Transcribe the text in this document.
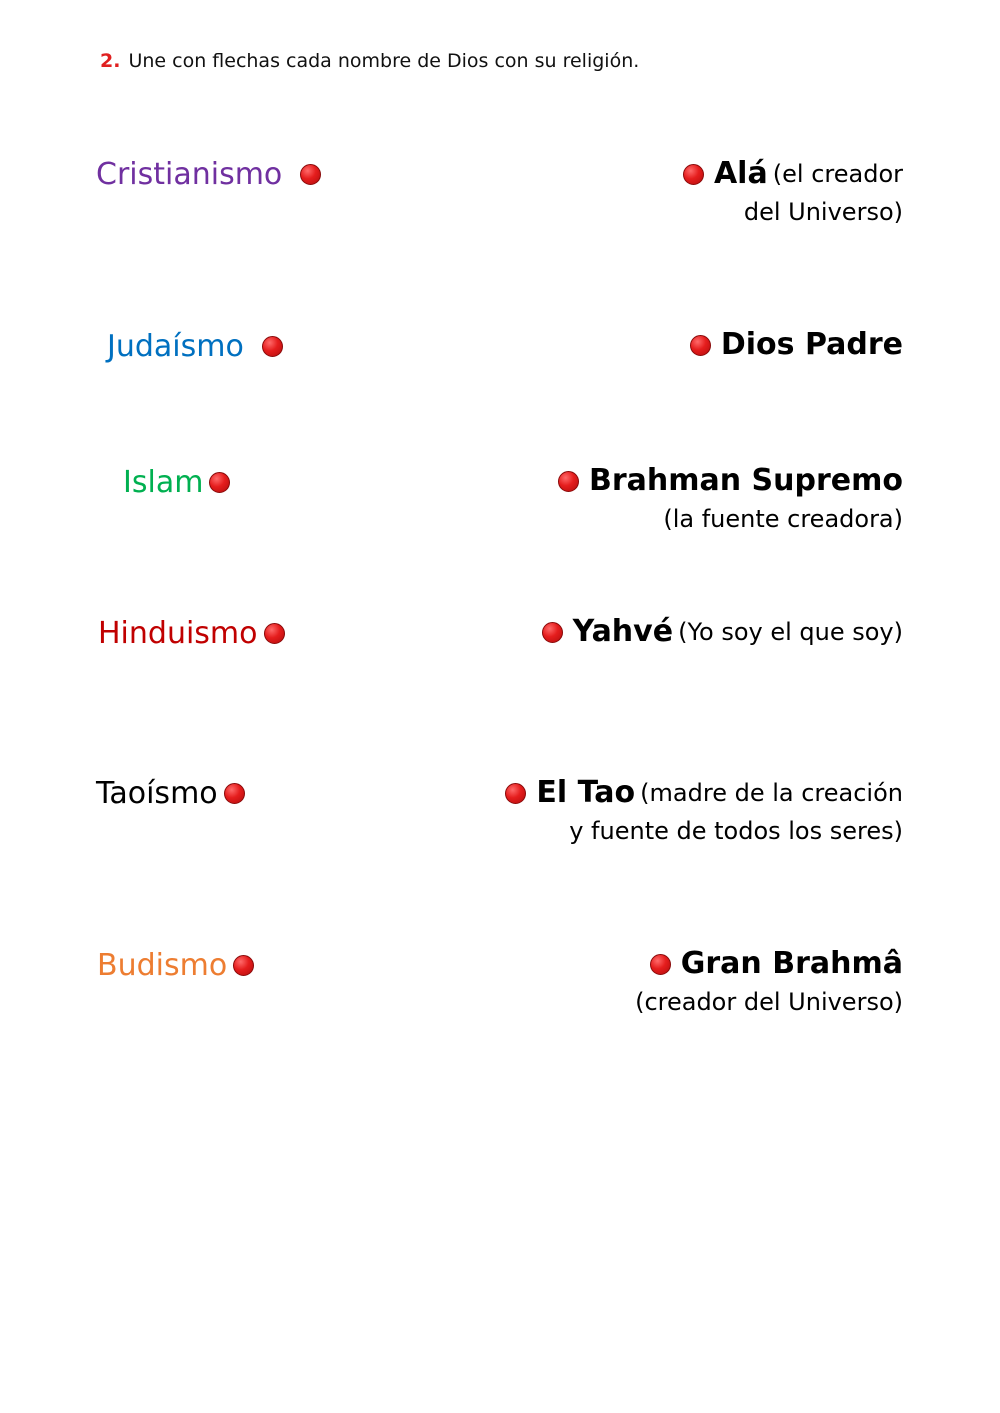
2. Une con flechas cada nombre de Dios con su religión.
Cristianismo
Judaísmo
Islam
Hinduismo
Taoísmo
Budismo
Alá
(el creador
del Universo)
Dios Padre
Brahman Supremo
(la fuente creadora)
Yahvé
(Yo soy el que soy)
El Tao
(madre de la creación
y fuente de todos los seres)
Gran Brahmâ
(creador del Universo)
